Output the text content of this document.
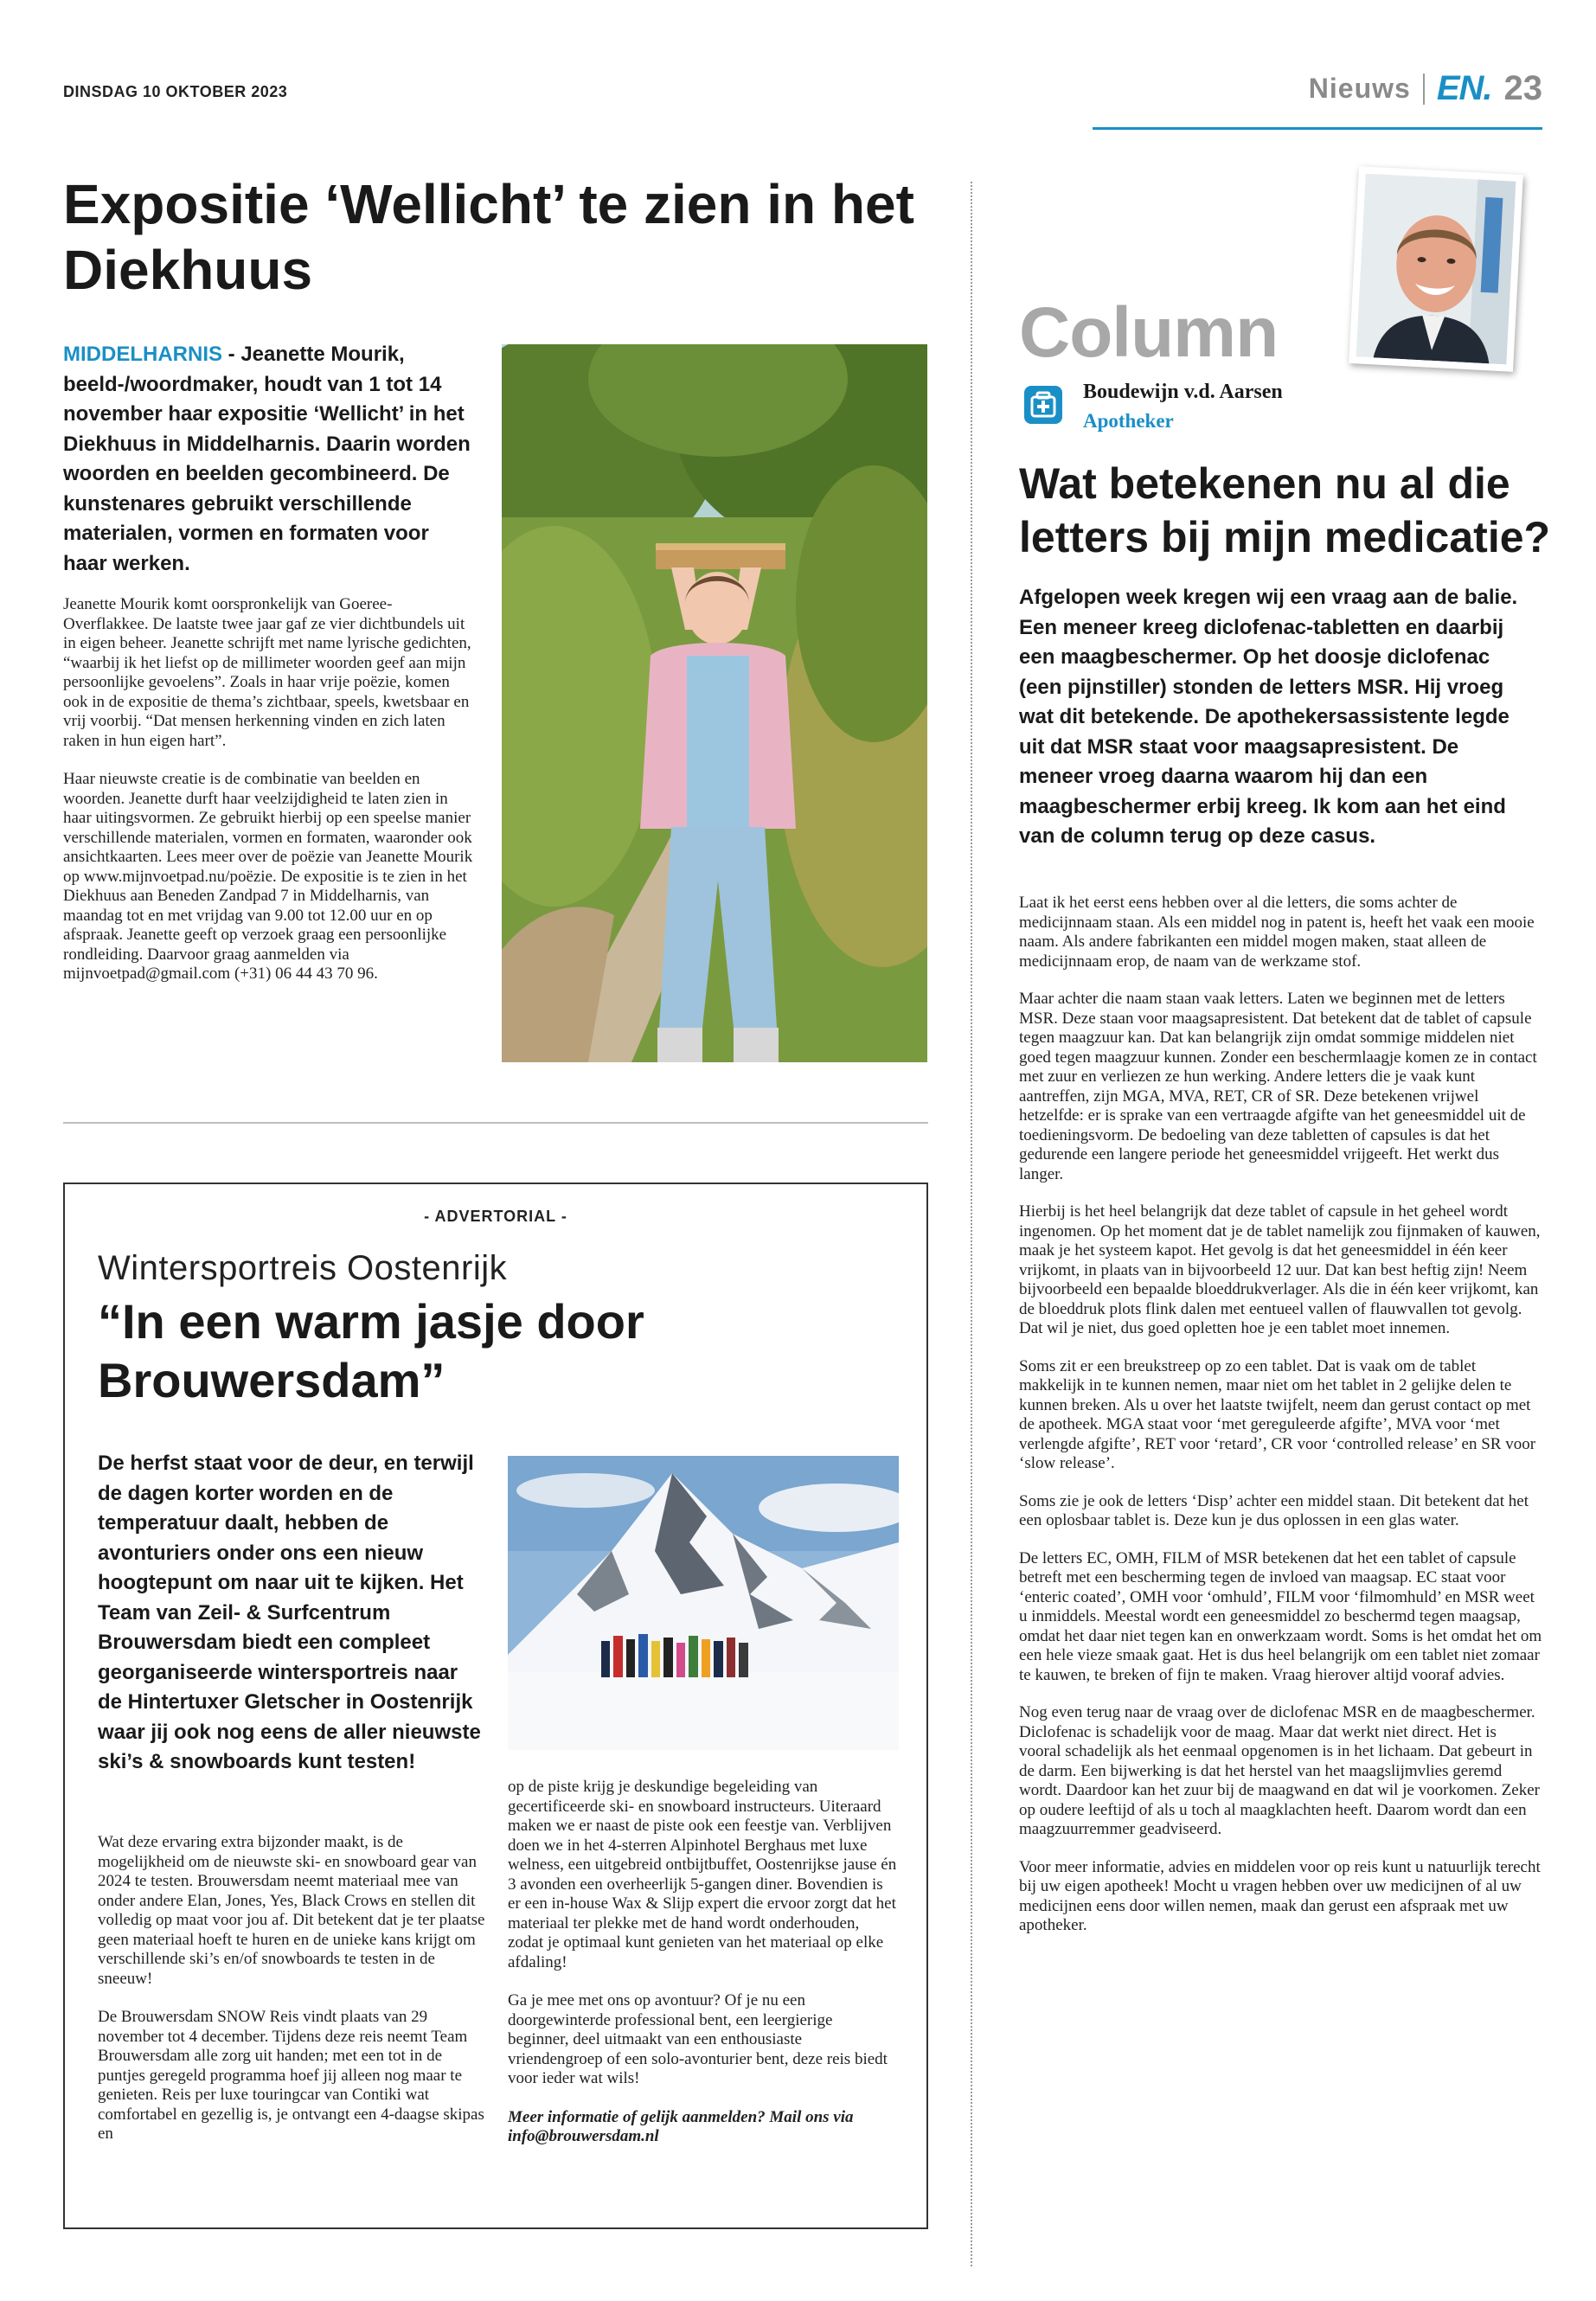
DINSDAG 10 OKTOBER 2023	Nieuws EN. 23
Expositie ‘Wellicht’ te zien in het Diekhuus
MIDDELHARNIS - Jeanette Mourik, beeld-/woordmaker, houdt van 1 tot 14 november haar expositie ‘Wellicht’ in het Diekhuus in Middelharnis. Daarin worden woorden en beelden gecombineerd. De kunstenares gebruikt verschillende materialen, vormen en formaten voor haar werken.

Jeanette Mourik komt oorspronkelijk van Goeree-Overflakkee. De laatste twee jaar gaf ze vier dichtbundels uit in eigen beheer. Jeanette schrijft met name lyrische gedichten, “waarbij ik het liefst op de millimeter woorden geef aan mijn persoonlijke gevoelens”. Zoals in haar vrije poëzie, komen ook in de expositie de thema’s zichtbaar, speels, kwetsbaar en vrij voorbij. “Dat mensen herkenning vinden en zich laten raken in hun eigen hart”.

Haar nieuwste creatie is de combinatie van beelden en woorden. Jeanette durft haar veelzijdigheid te laten zien in haar uitingsvormen. Ze gebruikt hierbij op een speelse manier verschillende materialen, vormen en formaten, waaronder ook ansichtkaarten. Lees meer over de poëzie van Jeanette Mourik op www.mijnvoetpad.nu/poëzie. De expositie is te zien in het Diekhuus aan Beneden Zandpad 7 in Middelharnis, van maandag tot en met vrijdag van 9.00 tot 12.00 uur en op afspraak. Jeanette geeft op verzoek graag een persoonlijke rondleiding. Daarvoor graag aanmelden via mijnvoetpad@gmail.com (+31) 06 44 43 70 96.

- ADVERTORIAL -
Wintersportreis Oostenrijk
“In een warm jasje door Brouwersdam”
De herfst staat voor de deur, en terwijl de dagen korter worden en de temperatuur daalt, hebben de avonturiers onder ons een nieuw hoogtepunt om naar uit te kijken. Het Team van Zeil- & Surfcentrum Brouwersdam biedt een compleet georganiseerde wintersportreis naar de Hintertuxer Gletscher in Oostenrijk waar jij ook nog eens de aller nieuwste ski’s & snowboards kunt testen!

Wat deze ervaring extra bijzonder maakt, is de mogelijkheid om de nieuwste ski- en snowboard gear van 2024 te testen. Brouwersdam neemt materiaal mee van onder andere Elan, Jones, Yes, Black Crows en stellen dit volledig op maat voor jou af. Dit betekent dat je ter plaatse geen materiaal hoeft te huren en de unieke kans krijgt om verschillende ski’s en/of snowboards te testen in de sneeuw!

De Brouwersdam SNOW Reis vindt plaats van 29 november tot 4 december. Tijdens deze reis neemt Team Brouwersdam alle zorg uit handen; met een tot in de puntjes geregeld programma hoef jij alleen nog maar te genieten. Reis per luxe touringcar van Contiki wat comfortabel en gezellig is, je ontvangt een 4-daagse skipas en

op de piste krijg je deskundige begeleiding van gecertificeerde ski- en snowboard instructeurs. Uiteraard maken we er naast de piste ook een feestje van. Verblijven doen we in het 4-sterren Alpinhotel Berghaus met luxe welness, een uitgebreid ontbijtbuffet, Oostenrijkse jause én 3 avonden een overheerlijk 5-gangen diner. Bovendien is er een in-house Wax & Slijp expert die ervoor zorgt dat het materiaal ter plekke met de hand wordt onderhouden, zodat je optimaal kunt genieten van het materiaal op elke afdaling!

Ga je mee met ons op avontuur? Of je nu een doorgewinterde professional bent, een leergierige beginner, deel uitmaakt van een enthousiaste vriendengroep of een solo-avonturier bent, deze reis biedt voor ieder wat wils!

Meer informatie of gelijk aanmelden? Mail ons via info@brouwersdam.nl

Column
Boudewijn v.d. Aarsen
Apotheker
Wat betekenen nu al die letters bij mijn medicatie?
Afgelopen week kregen wij een vraag aan de balie. Een meneer kreeg diclofenac-tabletten en daarbij een maagbeschermer. Op het doosje diclofenac (een pijnstiller) stonden de letters MSR. Hij vroeg wat dit betekende. De apothekersassistente legde uit dat MSR staat voor maagsapresistent. De meneer vroeg daarna waarom hij dan een maagbeschermer erbij kreeg. Ik kom aan het eind van de column terug op deze casus.

Laat ik het eerst eens hebben over al die letters, die soms achter de medicijnnaam staan. Als een middel nog in patent is, heeft het vaak een mooie naam. Als andere fabrikanten een middel mogen maken, staat alleen de medicijnnaam erop, de naam van de werkzame stof.

Maar achter die naam staan vaak letters. Laten we beginnen met de letters MSR. Deze staan voor maagsapresistent. Dat betekent dat de tablet of capsule tegen maagzuur kan. Dat kan belangrijk zijn omdat sommige middelen niet goed tegen maagzuur kunnen. Zonder een beschermlaagje komen ze in contact met zuur en verliezen ze hun werking. Andere letters die je vaak kunt aantreffen, zijn MGA, MVA, RET, CR of SR. Deze betekenen vrijwel hetzelfde: er is sprake van een vertraagde afgifte van het geneesmiddel uit de toedieningsvorm. De bedoeling van deze tabletten of capsules is dat het gedurende een langere periode het geneesmiddel vrijgeeft. Het werkt dus langer.

Hierbij is het heel belangrijk dat deze tablet of capsule in het geheel wordt ingenomen. Op het moment dat je de tablet namelijk zou fijnmaken of kauwen, maak je het systeem kapot. Het gevolg is dat het geneesmiddel in één keer vrijkomt, in plaats van in bijvoorbeeld 12 uur. Dat kan best heftig zijn! Neem bijvoorbeeld een bepaalde bloeddrukverlager. Als die in één keer vrijkomt, kan de bloeddruk plots flink dalen met eentueel vallen of flauwvallen tot gevolg. Dat wil je niet, dus goed opletten hoe je een tablet moet innemen.

Soms zit er een breukstreep op zo een tablet. Dat is vaak om de tablet makkelijk in te kunnen nemen, maar niet om het tablet in 2 gelijke delen te kunnen breken. Als u over het laatste twijfelt, neem dan gerust contact op met de apotheek. MGA staat voor ‘met gereguleerde afgifte’, MVA voor ‘met verlengde afgifte’, RET voor ‘retard’, CR voor ‘controlled release’ en SR voor ‘slow release’.

Soms zie je ook de letters ‘Disp’ achter een middel staan. Dit betekent dat het een oplosbaar tablet is. Deze kun je dus oplossen in een glas water.

De letters EC, OMH, FILM of MSR betekenen dat het een tablet of capsule betreft met een bescherming tegen de invloed van maagsap. EC staat voor ‘enteric coated’, OMH voor ‘omhuld’, FILM voor ‘filmomhuld’ en MSR weet u inmiddels. Meestal wordt een geneesmiddel zo beschermd tegen maagsap, omdat het daar niet tegen kan en onwerkzaam wordt. Soms is het omdat het om een hele vieze smaak gaat. Het is dus heel belangrijk om een tablet niet zomaar te kauwen, te breken of fijn te maken. Vraag hierover altijd vooraf advies.

Nog even terug naar de vraag over de diclofenac MSR en de maagbeschermer. Diclofenac is schadelijk voor de maag. Maar dat werkt niet direct. Het is vooral schadelijk als het eenmaal opgenomen is in het lichaam. Dat gebeurt in de darm. Een bijwerking is dat het herstel van het maagslijmvlies geremd wordt. Daardoor kan het zuur bij de maagwand en dat wil je voorkomen. Zeker op oudere leeftijd of als u toch al maagklachten heeft. Daarom wordt dan een maagzuurremmer geadviseerd.

Voor meer informatie, advies en middelen voor op reis kunt u natuurlijk terecht bij uw eigen apotheek! Mocht u vragen hebben over uw medicijnen of al uw medicijnen eens door willen nemen, maak dan gerust een afspraak met uw apotheker.
